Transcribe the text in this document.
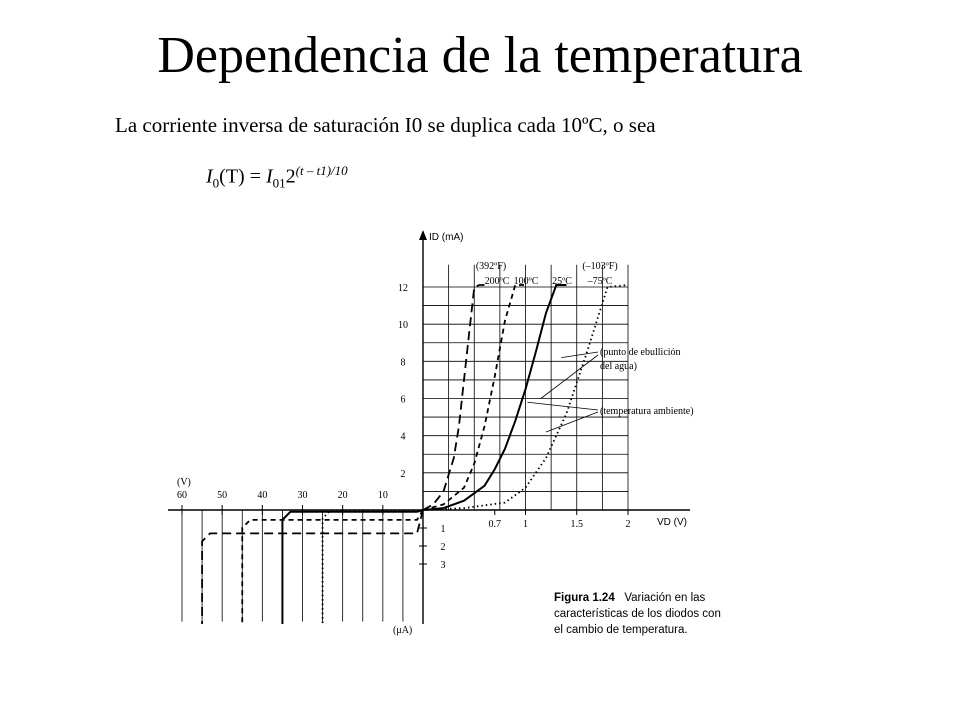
Dependencia de la temperatura
La corriente inversa de saturación I0 se duplica cada 10ºC, o sea
$I_0(T) = I_{01}2^{(t - t1)/10}$
0.7 1	1.5	2
2
4
6
8
10
12
10
20
30
40
50
60
1
2
3
ID (mA)
VD (V)
(V)
(μA)
200ºC 100ºC 25ºC –75ºC
(392ºF)	(–103ºF)
(punto de ebullición
del agua)
(temperatura ambiente)
Figura 1.24 Variación en las
características de los diodos con
el cambio de temperatura.
